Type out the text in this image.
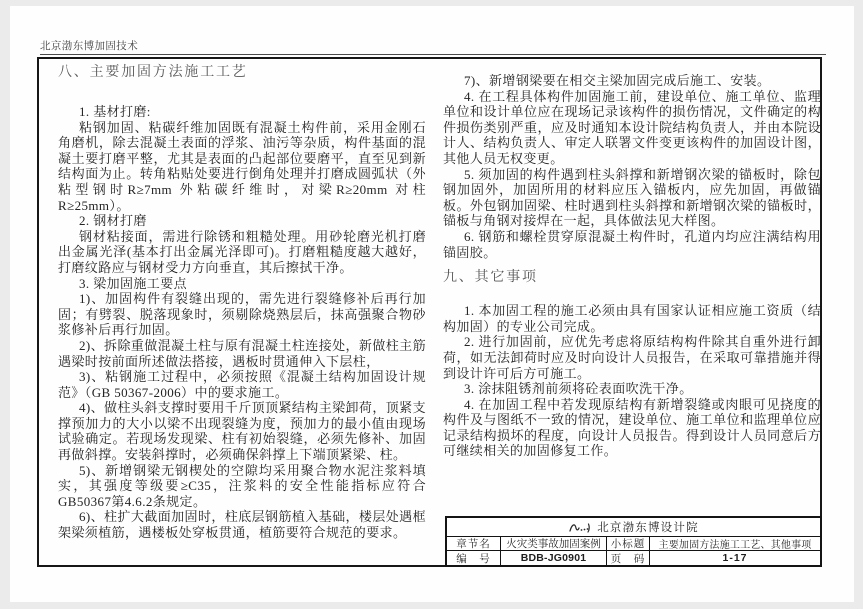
北京渤东博加固技术
八、主要加固方法施工工艺

1. 基材打磨:

粘钢加固、粘碳纤维加固既有混凝土构件前，采用金刚石角磨机，除去混凝土表面的浮浆、油污等杂质，构件基面的混凝土要打磨平整，尤其是表面的凸起部位要磨平，直至见到新结构面为止。转角粘贴处要进行倒角处理并打磨成圆弧状（外粘型钢时R≥7mm 外粘碳纤维时，对梁R≥20mm 对柱R≥25mm）。

2. 钢材打磨

钢材粘接面，需进行除锈和粗糙处理。用砂轮磨光机打磨出金属光泽(基本打出金属光泽即可)。打磨粗糙度越大越好，打磨纹路应与钢材受力方向垂直，其后擦拭干净。

3. 梁加固施工要点

1)、加固构件有裂缝出现的，需先进行裂缝修补后再行加固；有劈裂、脱落现象时，须剔除烧熟层后，抹高强聚合物砂浆修补后再行加固。

2)、拆除重做混凝土柱与原有混凝土柱连接处，新做柱主筋遇梁时按前面所述做法搭接，遇板时贯通伸入下层柱，

3)、粘钢施工过程中，必须按照《混凝土结构加固设计规范》（GB 50367-2006）中的要求施工。

4)、做柱头斜支撑时要用千斤顶顶紧结构主梁卸荷，顶紧支撑预加力的大小以梁不出现裂缝为度，预加力的最小值由现场试验确定。若现场发现梁、柱有初始裂缝，必须先修补、加固再做斜撑。安装斜撑时，必须确保斜撑上下端顶紧梁、柱。

5)、新增钢梁无钢楔处的空隙均采用聚合物水泥注浆料填实，其强度等级要≥C35，注浆料的安全性能指标应符合GB50367第4.6.2条规定。

6)、柱扩大截面加固时，柱底层钢筋植入基础，楼层处遇框架梁须植筋，遇楼板处穿板贯通，植筋要符合规范的要求。

7)、新增钢梁要在相交主梁加固完成后施工、安装。

4. 在工程具体构件加固施工前，建设单位、施工单位、监理单位和设计单位应在现场记录该构件的损伤情况，文件确定的构件损伤类别严重，应及时通知本设计院结构负责人，并由本院设计人、结构负责人、审定人联署文件变更该构件的加固设计图，其他人员无权变更。

5. 须加固的构件遇到柱头斜撑和新增钢次梁的锚板时，除包钢加固外，加固所用的材料应压入锚板内，应先加固，再做锚板。外包钢加固梁、柱时遇到柱头斜撑和新增钢次梁的锚板时，锚板与角钢对接焊在一起，具体做法见大样图。

6. 钢筋和螺栓贯穿原混凝土构件时，孔道内均应注满结构用锚固胶。

九、其它事项

1. 本加固工程的施工必须由具有国家认证相应施工资质（结构加固）的专业公司完成。

2. 进行加固前，应优先考虑将原结构构件除其自重外进行卸荷，如无法卸荷时应及时向设计人员报告，在采取可靠措施并得到设计许可后方可施工。

3. 涂抹阻锈剂前须将砼表面吹洗干净。

4. 在加固工程中若发现原结构有新增裂缝或肉眼可见挠度的构件及与图纸不一致的情况，建设单位、施工单位和监理单位应记录结构损坏的程度，向设计人员报告。得到设计人员同意后方可继续相关的加固修复工作。

北京渤东博设计院
章节名	火灾类事故加固案例 小标题	主要加固方法施工工艺、其他事项
编　号	BDB-JG0901	页　码	1-17
